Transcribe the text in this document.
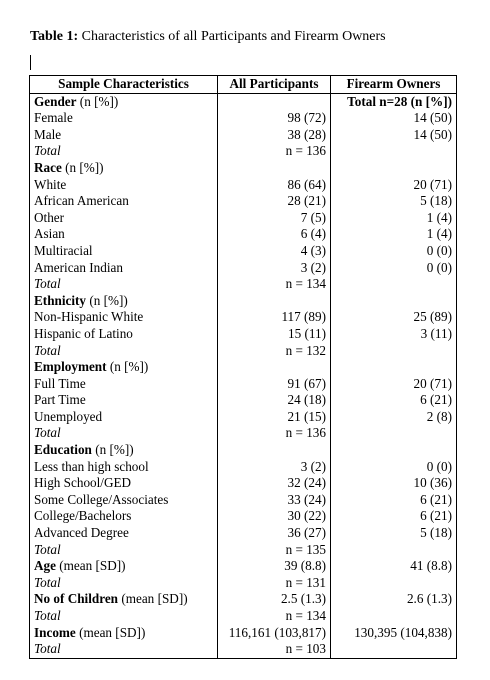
Table 1: Characteristics of all Participants and Firearm Owners
Sample Characteristics	All Participants	Firearm Owners
Gender (n [%])		Total n=28 (n [%])
Female	98 (72)	14 (50)
Male	38 (28)	14 (50)
Total	n = 136	
Race (n [%])		
White	86 (64)	20 (71)
African American	28 (21)	5 (18)
Other	7 (5)	1 (4)
Asian	6 (4)	1 (4)
Multiracial	4 (3)	0 (0)
American Indian	3 (2)	0 (0)
Total	n = 134	
Ethnicity (n [%])		
Non-Hispanic White	117 (89)	25 (89)
Hispanic of Latino	15 (11)	3 (11)
Total	n = 132	
Employment (n [%])		
Full Time	91 (67)	20 (71)
Part Time	24 (18)	6 (21)
Unemployed	21 (15)	2 (8)
Total	n = 136	
Education (n [%])		
Less than high school	3 (2)	0 (0)
High School/GED	32 (24)	10 (36)
Some College/Associates	33 (24)	6 (21)
College/Bachelors	30 (22)	6 (21)
Advanced Degree	36 (27)	5 (18)
Total	n = 135	
Age (mean [SD])	39 (8.8)	41 (8.8)
Total	n = 131	
No of Children (mean [SD])	2.5 (1.3)	2.6 (1.3)
Total	n = 134	
Income (mean [SD])	116,161 (103,817)	130,395 (104,838)
Total	n = 103	
